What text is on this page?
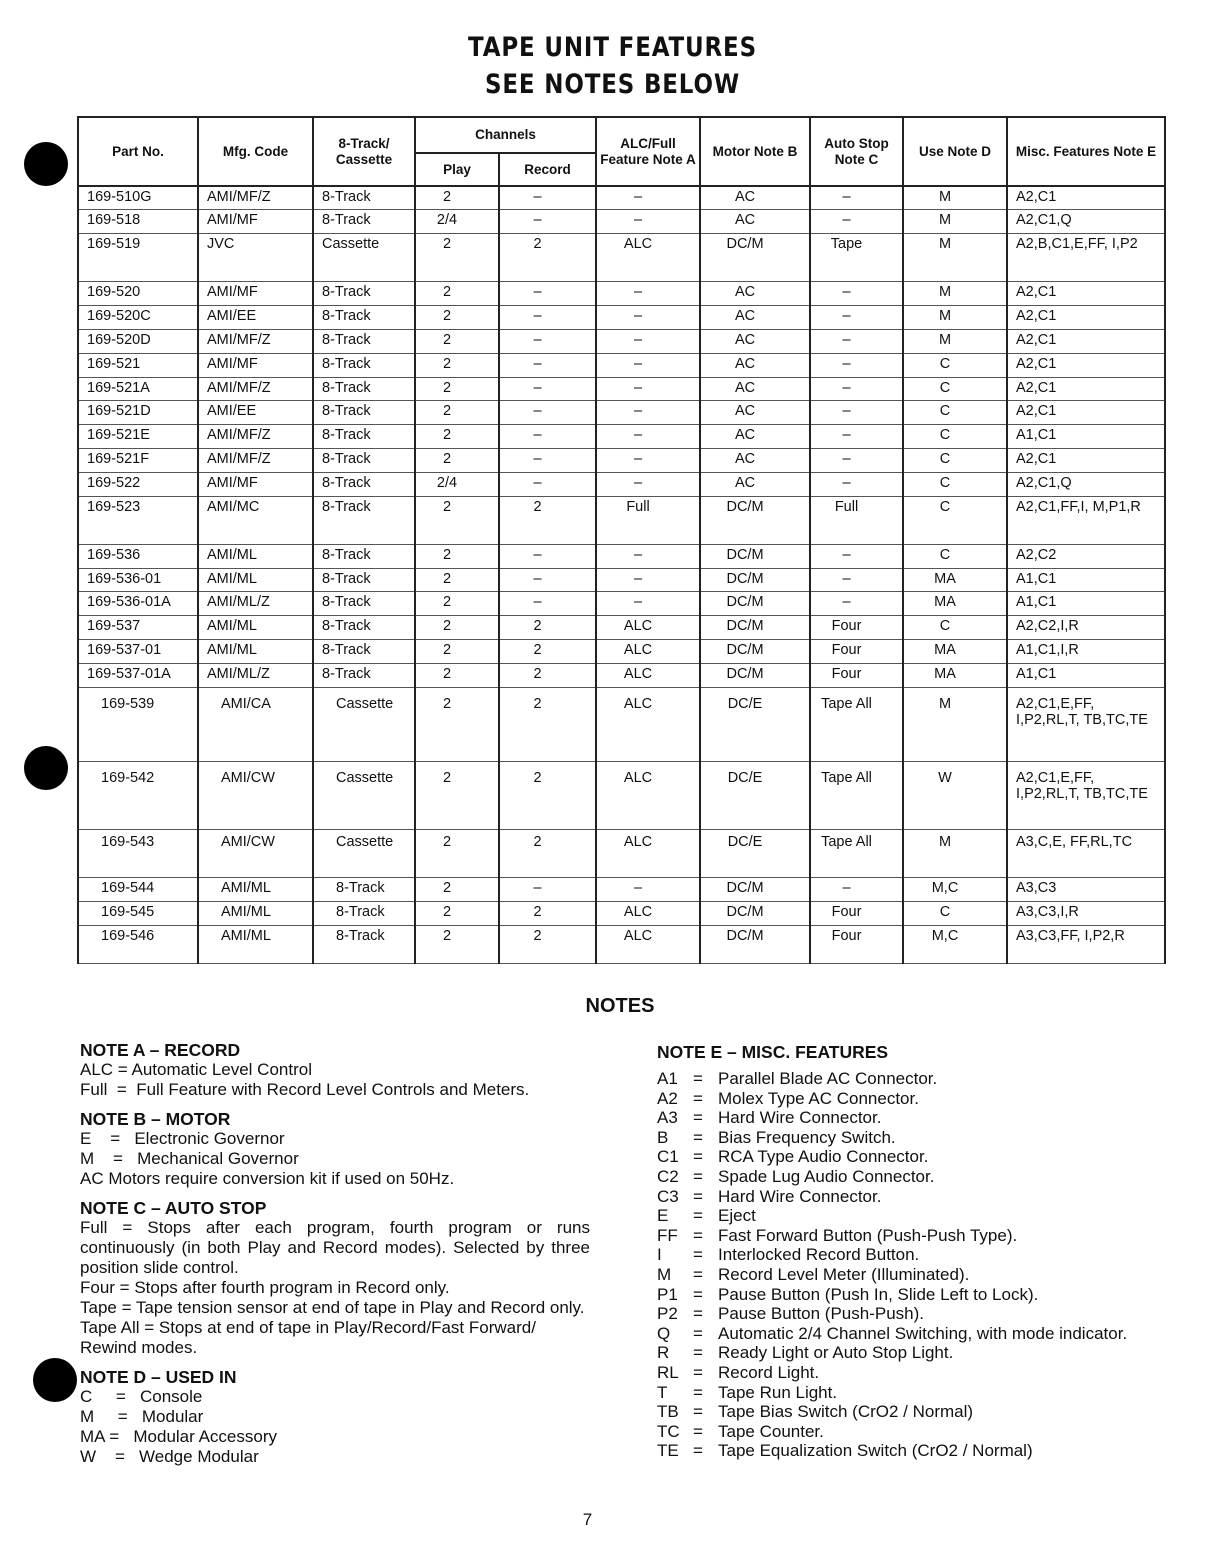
TAPE UNIT FEATURES
SEE NOTES BELOW
Part No.	Mfg. Code	8-Track/ Cassette	Channels		ALC/Full Feature Note A	Motor Note B	Auto Stop Note C	Use Note D	Misc. Features Note E
			Play	Record					
169-510G	AMI/MF/Z	8-Track	2	–	–	AC	–	M	A2,C1
169-518	AMI/MF	8-Track	2/4	–	–	AC	–	M	A2,C1,Q
169-519	JVC	Cassette	2	2	ALC	DC/M	Tape	M	A2,B,C1,E,FF, I,P2
169-520	AMI/MF	8-Track	2	–	–	AC	–	M	A2,C1
169-520C	AMI/EE	8-Track	2	–	–	AC	–	M	A2,C1
169-520D	AMI/MF/Z	8-Track	2	–	–	AC	–	M	A2,C1
169-521	AMI/MF	8-Track	2	–	–	AC	–	C	A2,C1
169-521A	AMI/MF/Z	8-Track	2	–	–	AC	–	C	A2,C1
169-521D	AMI/EE	8-Track	2	–	–	AC	–	C	A2,C1
169-521E	AMI/MF/Z	8-Track	2	–	–	AC	–	C	A1,C1
169-521F	AMI/MF/Z	8-Track	2	–	–	AC	–	C	A2,C1
169-522	AMI/MF	8-Track	2/4	–	–	AC	–	C	A2,C1,Q
169-523	AMI/MC	8-Track	2	2	Full	DC/M	Full	C	A2,C1,FF,I, M,P1,R
169-536	AMI/ML	8-Track	2	–	–	DC/M	–	C	A2,C2
169-536-01	AMI/ML	8-Track	2	–	–	DC/M	–	MA	A1,C1
169-536-01A	AMI/ML/Z	8-Track	2	–	–	DC/M	–	MA	A1,C1
169-537	AMI/ML	8-Track	2	2	ALC	DC/M	Four	C	A2,C2,I,R
169-537-01	AMI/ML	8-Track	2	2	ALC	DC/M	Four	MA	A1,C1,I,R
169-537-01A	AMI/ML/Z	8-Track	2	2	ALC	DC/M	Four	MA	A1,C1
169-539	AMI/CA	Cassette	2	2	ALC	DC/E	Tape All	M	A2,C1,E,FF, I,P2,RL,T, TB,TC,TE
169-542	AMI/CW	Cassette	2	2	ALC	DC/E	Tape All	W	A2,C1,E,FF, I,P2,RL,T, TB,TC,TE
169-543	AMI/CW	Cassette	2	2	ALC	DC/E	Tape All	M	A3,C,E, FF,RL,TC
169-544	AMI/ML	8-Track	2	–	–	DC/M	–	M,C	A3,C3
169-545	AMI/ML	8-Track	2	2	ALC	DC/M	Four	C	A3,C3,I,R
169-546	AMI/ML	8-Track	2	2	ALC	DC/M	Four	M,C	A3,C3,FF, I,P2,R
NOTES
NOTE A – RECORD
ALC = Automatic Level Control
Full  =  Full Feature with Record Level Controls and Meters.
NOTE B – MOTOR
E    =   Electronic Governor
M    =   Mechanical Governor
AC Motors require conversion kit if used on 50Hz.
NOTE C – AUTO STOP
Full = Stops after each program, fourth program or runs continuously (in both Play and Record modes). Selected by three position slide control.
Four = Stops after fourth program in Record only.
Tape = Tape tension sensor at end of tape in Play and Record only.
Tape All = Stops at end of tape in Play/Record/Fast Forward/ Rewind modes.
NOTE D – USED IN
C     =   Console
M     =   Modular
MA =   Modular Accessory
W    =   Wedge Modular
NOTE E – MISC. FEATURES
A1 = Parallel Blade AC Connector.
A2 = Molex Type AC Connector.
A3 = Hard Wire Connector.
B	= Bias Frequency Switch.
C1 = RCA Type Audio Connector.
C2 = Spade Lug Audio Connector.
C3 = Hard Wire Connector.
E	= Eject
FF = Fast Forward Button (Push-Push Type).
I	= Interlocked Record Button.
M	= Record Level Meter (Illuminated).
P1 = Pause Button (Push In, Slide Left to Lock).
P2 = Pause Button (Push-Push).
Q	= Automatic 2/4 Channel Switching, with mode indicator.
R	= Ready Light or Auto Stop Light.
RL = Record Light.
T	= Tape Run Light.
TB = Tape Bias Switch (CrO2 / Normal)
TC = Tape Counter.
TE = Tape Equalization Switch (CrO2 / Normal)
7
